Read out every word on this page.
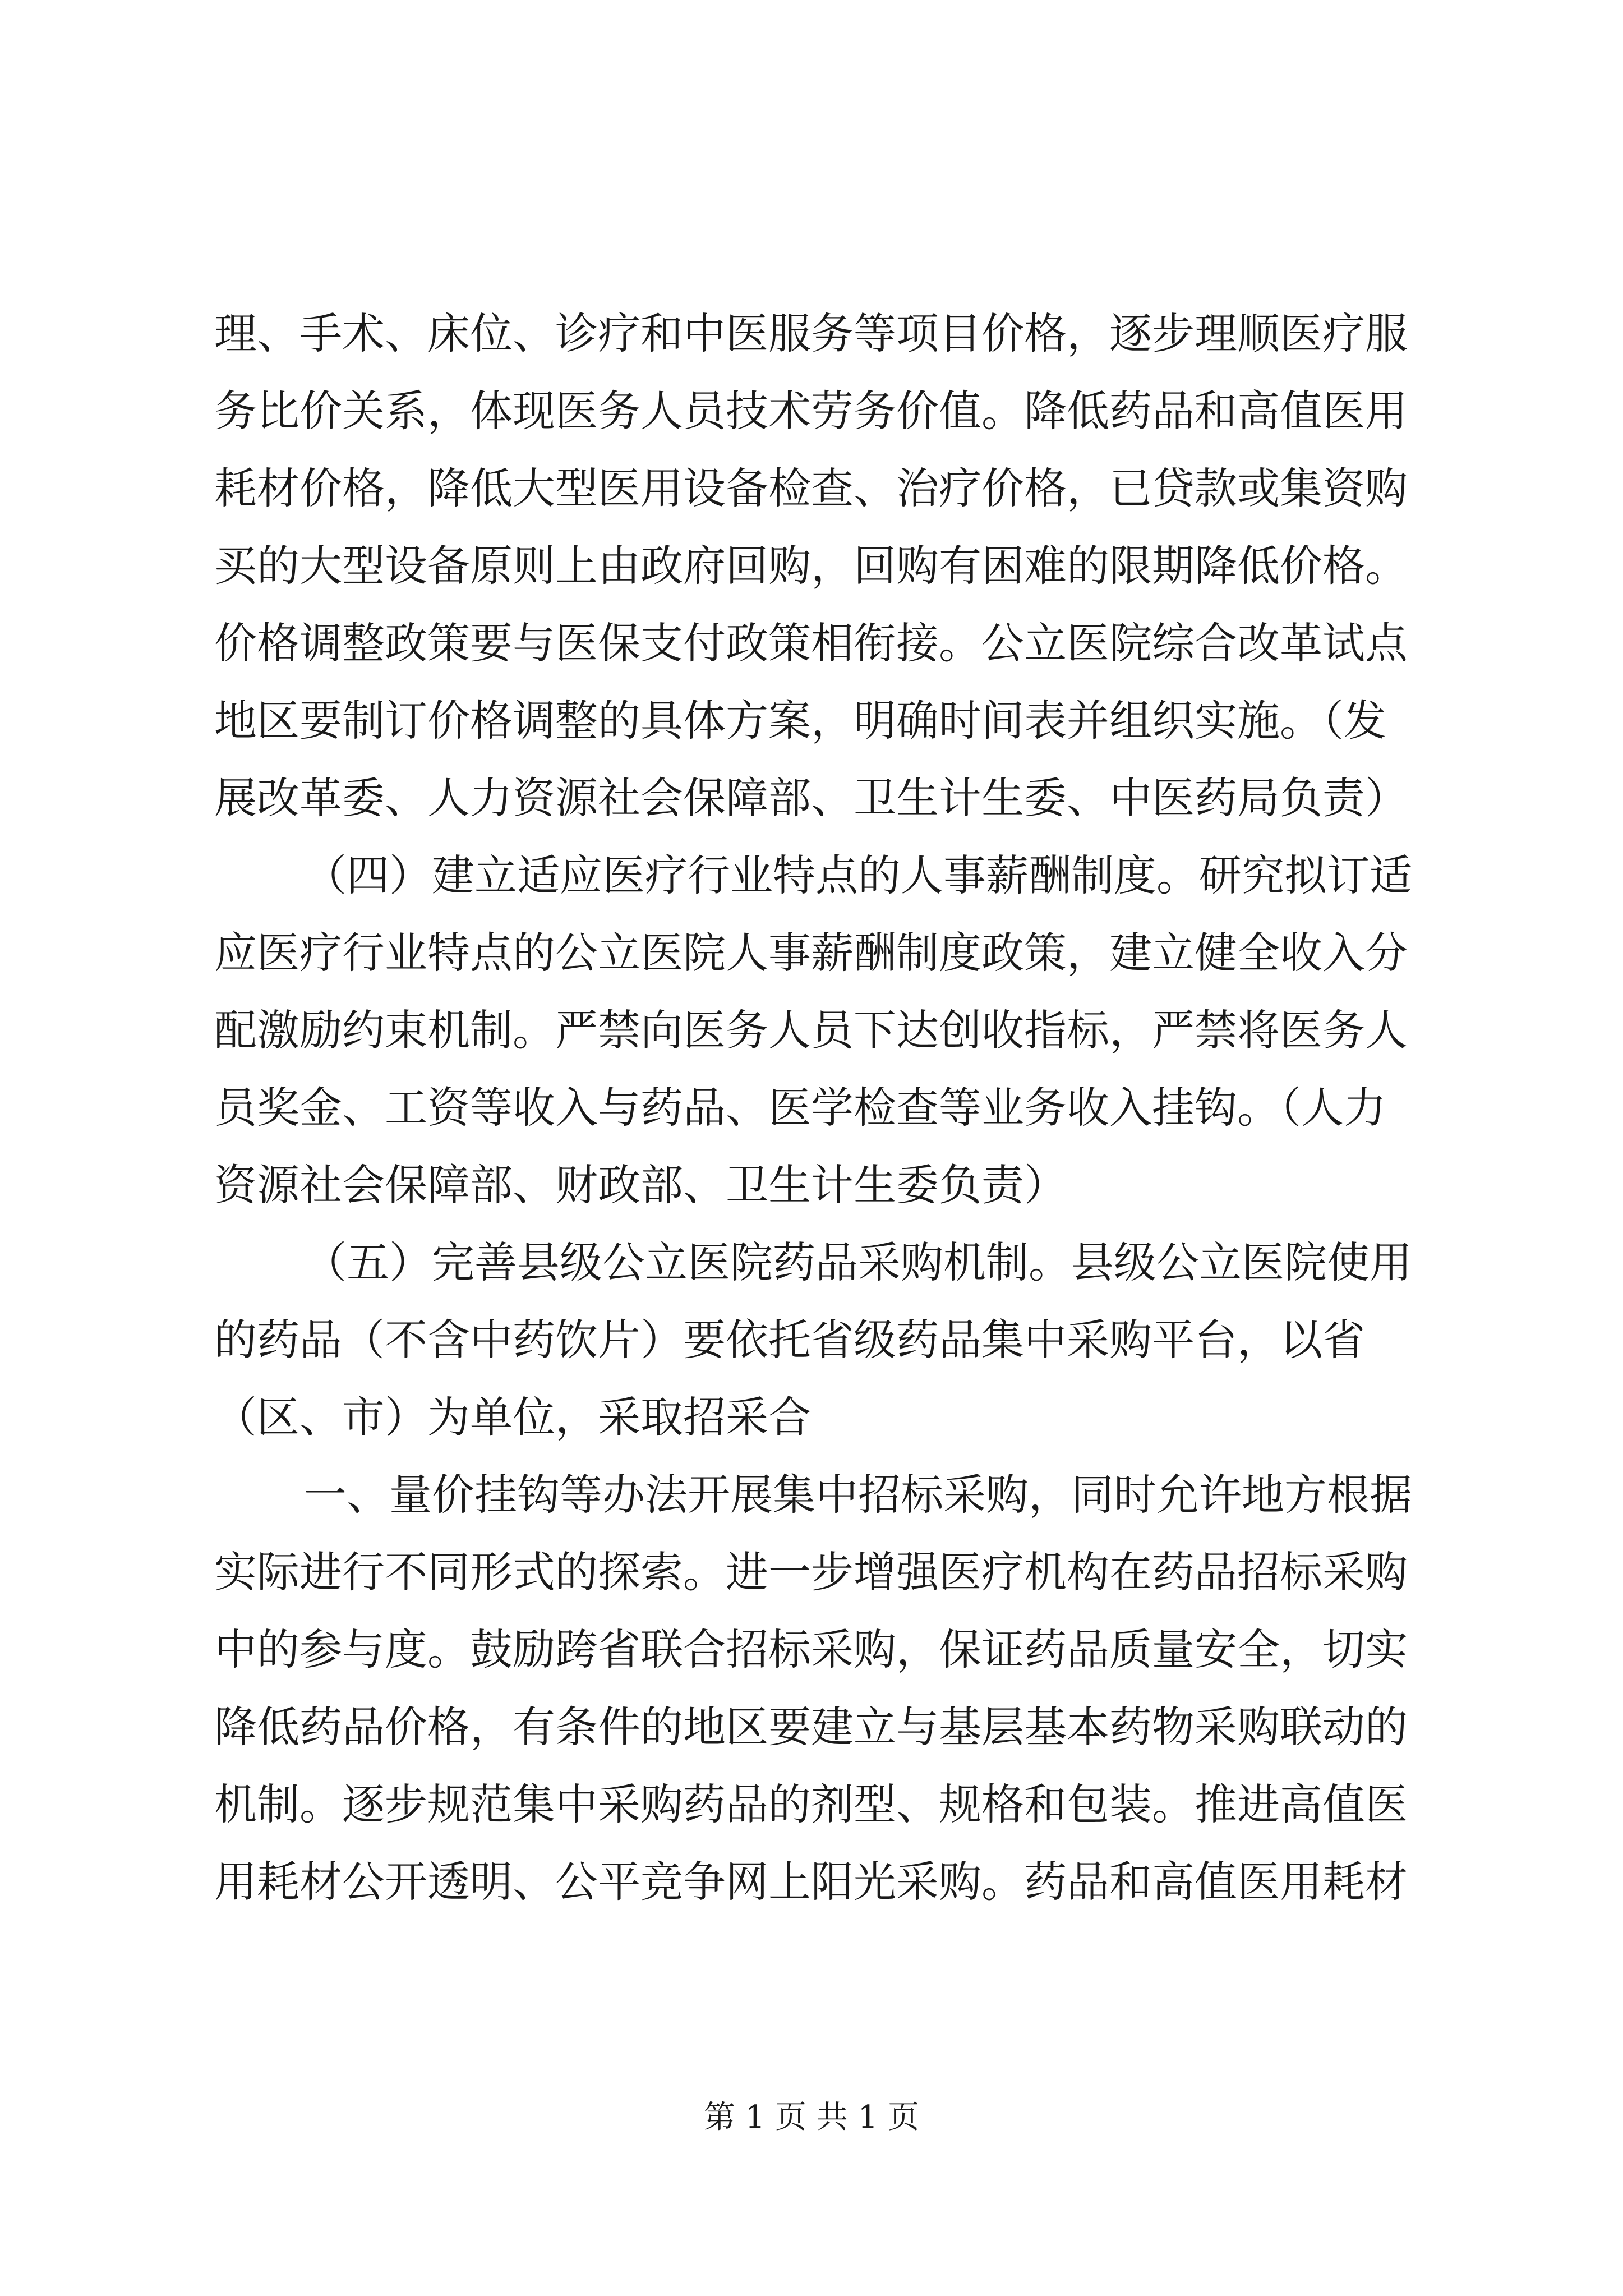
理、手术、床位、诊疗和中医服务等项目价格，逐步理顺医疗服
务比价关系，体现医务人员技术劳务价值。降低药品和高值医用
耗材价格，降低大型医用设备检查、治疗价格，已贷款或集资购
买的大型设备原则上由政府回购，回购有困难的限期降低价格。
价格调整政策要与医保支付政策相衔接。公立医院综合改革试点
地区要制订价格调整的具体方案，明确时间表并组织实施。（发
展改革委、人力资源社会保障部、卫生计生委、中医药局负责）
（四）建立适应医疗行业特点的人事薪酬制度。研究拟订适
应医疗行业特点的公立医院人事薪酬制度政策，建立健全收入分
配激励约束机制。严禁向医务人员下达创收指标，严禁将医务人
员奖金、工资等收入与药品、医学检查等业务收入挂钩。（人力
资源社会保障部、财政部、卫生计生委负责）
（五）完善县级公立医院药品采购机制。县级公立医院使用
的药品（不含中药饮片）要依托省级药品集中采购平台，以省
（区、市）为单位，采取招采合
一、量价挂钩等办法开展集中招标采购，同时允许地方根据
实际进行不同形式的探索。进一步增强医疗机构在药品招标采购
中的参与度。鼓励跨省联合招标采购，保证药品质量安全，切实
降低药品价格，有条件的地区要建立与基层基本药物采购联动的
机制。逐步规范集中采购药品的剂型、规格和包装。推进高值医
用耗材公开透明、公平竞争网上阳光采购。药品和高值医用耗材
第 1 页 共 1 页
